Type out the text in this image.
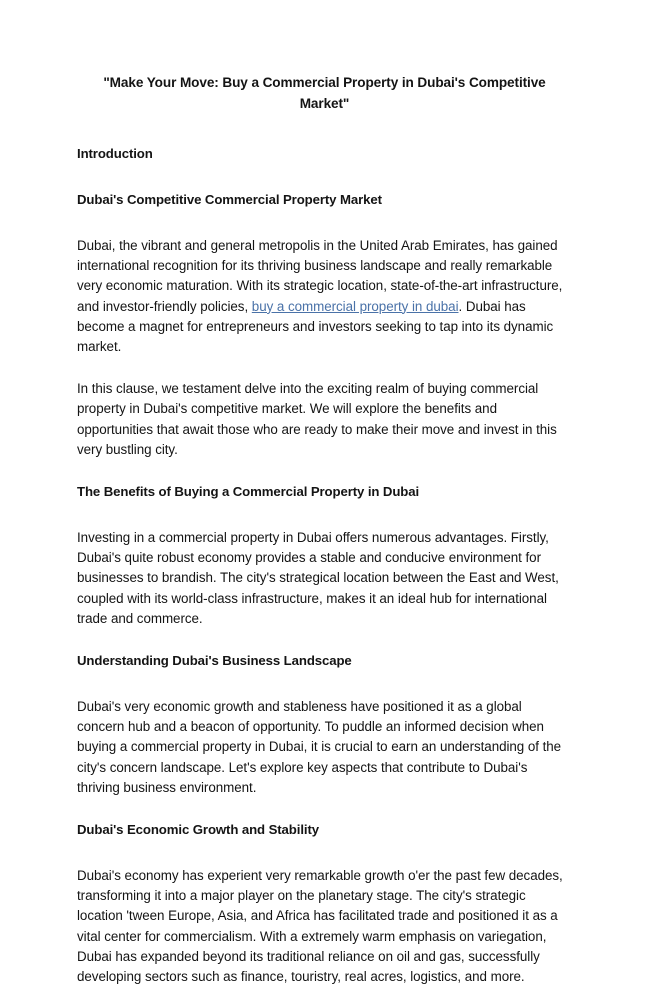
"Make Your Move: Buy a Commercial Property in Dubai's Competitive Market"
Introduction
Dubai's Competitive Commercial Property Market

Dubai, the vibrant and general metropolis in the United Arab Emirates, has gained international recognition for its thriving business landscape and really remarkable very economic maturation. With its strategic location, state-of-the-art infrastructure, and investor-friendly policies, buy a commercial property in dubai. Dubai has become a magnet for entrepreneurs and investors seeking to tap into its dynamic market.

In this clause, we testament delve into the exciting realm of buying commercial property in Dubai's competitive market. We will explore the benefits and opportunities that await those who are ready to make their move and invest in this very bustling city.

The Benefits of Buying a Commercial Property in Dubai

Investing in a commercial property in Dubai offers numerous advantages. Firstly, Dubai's quite robust economy provides a stable and conducive environment for businesses to brandish. The city's strategical location between the East and West, coupled with its world-class infrastructure, makes it an ideal hub for international trade and commerce.

Understanding Dubai's Business Landscape

Dubai's very economic growth and stableness have positioned it as a global concern hub and a beacon of opportunity. To puddle an informed decision when buying a commercial property in Dubai, it is crucial to earn an understanding of the city's concern landscape. Let's explore key aspects that contribute to Dubai's thriving business environment.

Dubai's Economic Growth and Stability

Dubai's economy has experient very remarkable growth o'er the past few decades, transforming it into a major player on the planetary stage. The city's strategic location 'tween Europe, Asia, and Africa has facilitated trade and positioned it as a vital center for commercialism. With a extremely warm emphasis on variegation, Dubai has expanded beyond its traditional reliance on oil and gas, successfully developing sectors such as finance, touristry, real acres, logistics, and more.
